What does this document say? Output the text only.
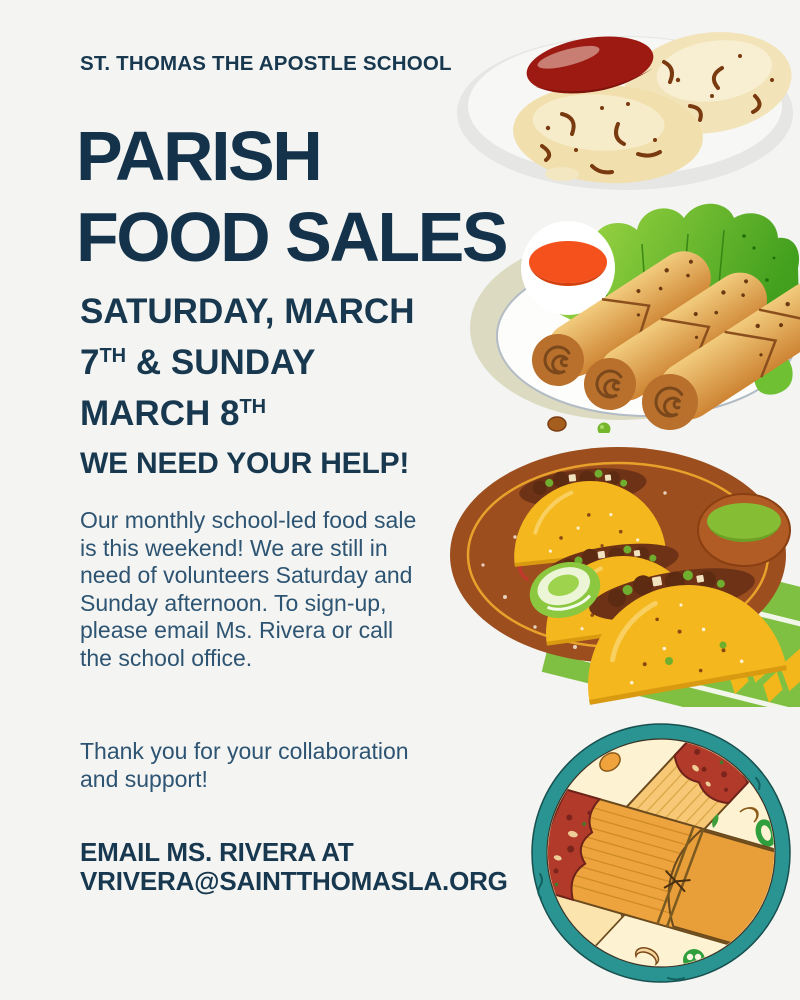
ST. THOMAS THE APOSTLE SCHOOL
PARISH
FOOD SALES
SATURDAY, MARCH
7TH & SUNDAY
MARCH 8TH
WE NEED YOUR HELP!
Our monthly school-led food sale is this weekend! We are still in need of volunteers Saturday and Sunday afternoon. To sign-up, please email Ms. Rivera or call the school office.
Thank you for your collaboration and support!
EMAIL MS. RIVERA AT
VRIVERA@SAINTTHOMASLA.ORG
